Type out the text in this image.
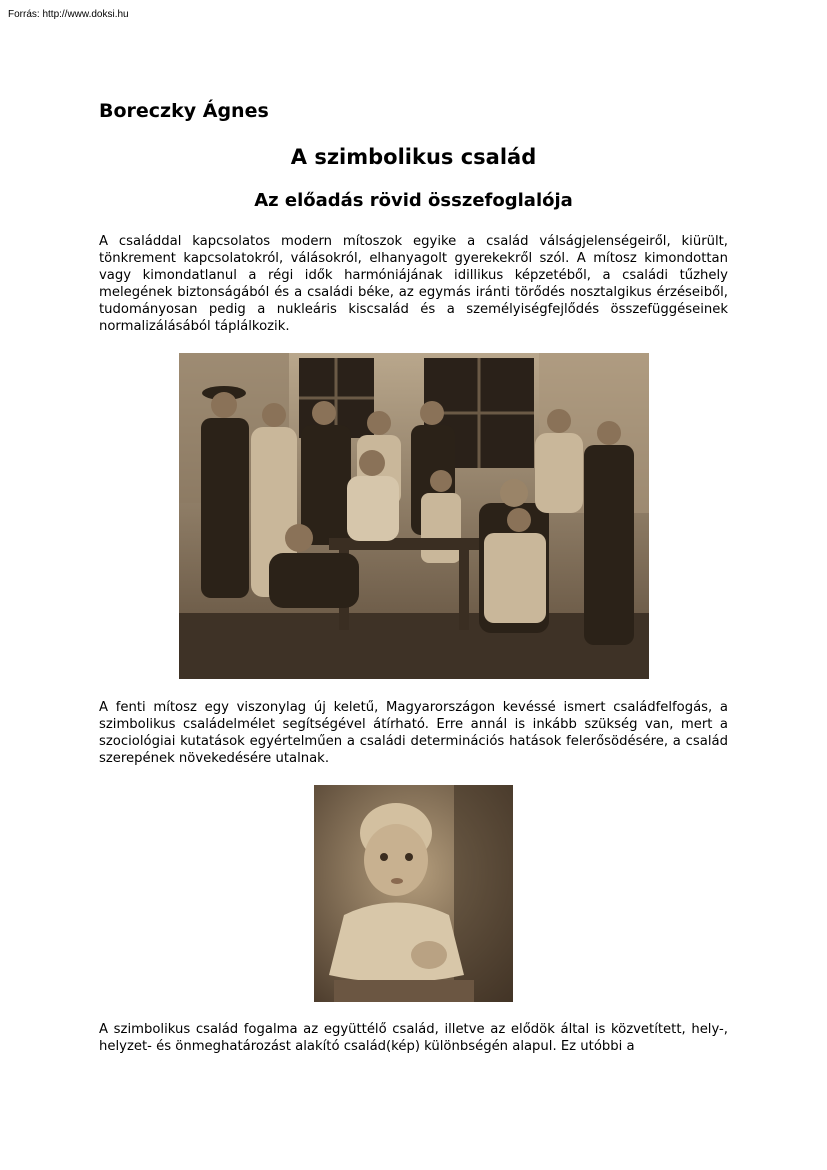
Forrás: http://www.doksi.hu
Boreczky Ágnes
A szimbolikus család
Az előadás rövid összefoglalója

A családdal kapcsolatos modern mítoszok egyike a család válságjelenségeiről, kiürült, tönkrement kapcsolatokról, válásokról, elhanyagolt gyerekekről szól. A mítosz kimondottan vagy kimondatlanul a régi idők harmóniájának idillikus képzetéből, a családi tűzhely melegének biztonságából és a családi béke, az egymás iránti törődés nosztalgikus érzéseiből, tudományosan pedig a nukleáris kiscsalád és a személyiségfejlődés összefüggéseinek normalizálásából táplálkozik.

A fenti mítosz egy viszonylag új keletű, Magyarországon kevéssé ismert családfelfogás, a szimbolikus családelmélet segítségével átírható. Erre annál is inkább szükség van, mert a szociológiai kutatások egyértelműen a családi determinációs hatások felerősödésére, a család szerepének növekedésére utalnak.

A szimbolikus család fogalma az együttélő család, illetve az elődök által is közvetített, hely-, helyzet- és önmeghatározást alakító család(kép) különbségén alapul. Ez utóbbi a
